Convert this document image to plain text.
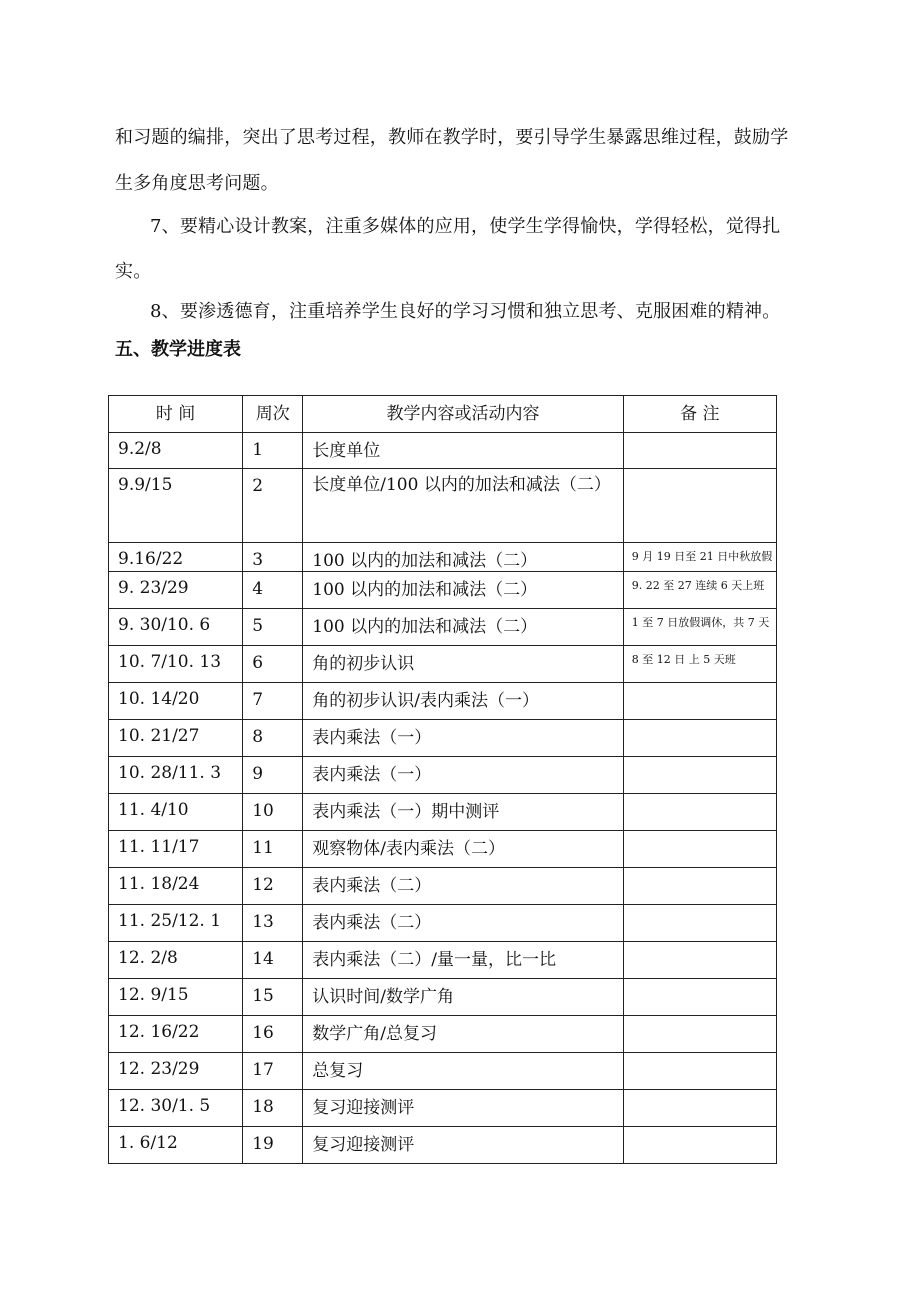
和习题的编排，突出了思考过程，教师在教学时，要引导学生暴露思维过程，鼓励学
生多角度思考问题。
7、要精心设计教案，注重多媒体的应用，使学生学得愉快，学得轻松，觉得扎
实。
8、要渗透德育，注重培养学生良好的学习习惯和独立思考、克服困难的精神。
五、教学进度表
时 间	周次	教学内容或活动内容	备 注

9.2/8	1	长度单位	

9.9/15	2	长度单位/100 以内的加法和减法（二）	

9.16/22	3	100 以内的加法和减法（二）	9 月 19 日至 21 日中秋放假

9. 23/29	4	100 以内的加法和减法（二）	9. 22 至 27 连续 6 天上班

9. 30/10. 6	5	100 以内的加法和减法（二）	1 至 7 日放假调休，共 7 天

10. 7/10. 13	6	角的初步认识	8 至 12 日 上 5 天班

10. 14/20	7	角的初步认识/表内乘法（一）	

10. 21/27	8	表内乘法（一）	

10. 28/11. 3	9	表内乘法（一）	

11. 4/10	10	表内乘法（一）期中测评	

11. 11/17	11	观察物体/表内乘法（二）	

11. 18/24	12	表内乘法（二）	

11. 25/12. 1	13	表内乘法（二）	

12. 2/8	14	表内乘法（二）/量一量，比一比	

12. 9/15	15	认识时间/数学广角	

12. 16/22	16	数学广角/总复习	

12. 23/29	17	总复习	

12. 30/1. 5	18	复习迎接测评	

1. 6/12	19	复习迎接测评	
